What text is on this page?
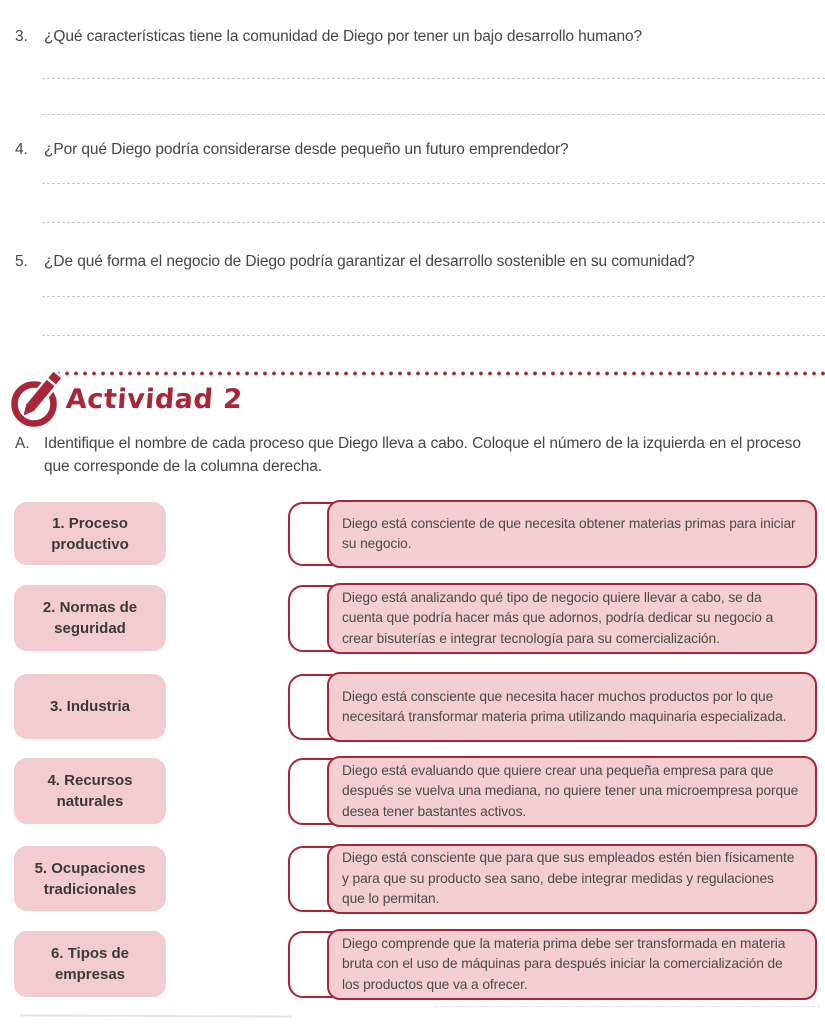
3. ¿Qué características tiene la comunidad de Diego por tener un bajo desarrollo humano?
4. ¿Por qué Diego podría considerarse desde pequeño un futuro emprendedor?
5. ¿De qué forma el negocio de Diego podría garantizar el desarrollo sostenible en su comunidad?
Actividad 2
A. Identifique el nombre de cada proceso que Diego lleva a cabo. Coloque el número de la izquierda en el proceso que corresponde de la columna derecha.
1. Proceso
productivo
Diego está consciente de que necesita obtener materias primas para iniciar su negocio.
2. Normas de
seguridad
Diego está analizando qué tipo de negocio quiere llevar a cabo, se da cuenta que podría hacer más que adornos, podría dedicar su negocio a crear bisuterías e integrar tecnología para su comercialización.
3. Industria
Diego está consciente que necesita hacer muchos productos por lo que necesitará transformar materia prima utilizando maquinaria especializada.
4. Recursos
naturales
Diego está evaluando que quiere crear una pequeña empresa para que después se vuelva una mediana, no quiere tener una microempresa porque desea tener bastantes activos.
5. Ocupaciones
tradicionales
Diego está consciente que para que sus empleados estén bien físicamente y para que su producto sea sano, debe integrar medidas y regulaciones que lo permitan.
6. Tipos de
empresas
Diego comprende que la materia prima debe ser transformada en materia bruta con el uso de máquinas para después iniciar la comercialización de los productos que va a ofrecer.
